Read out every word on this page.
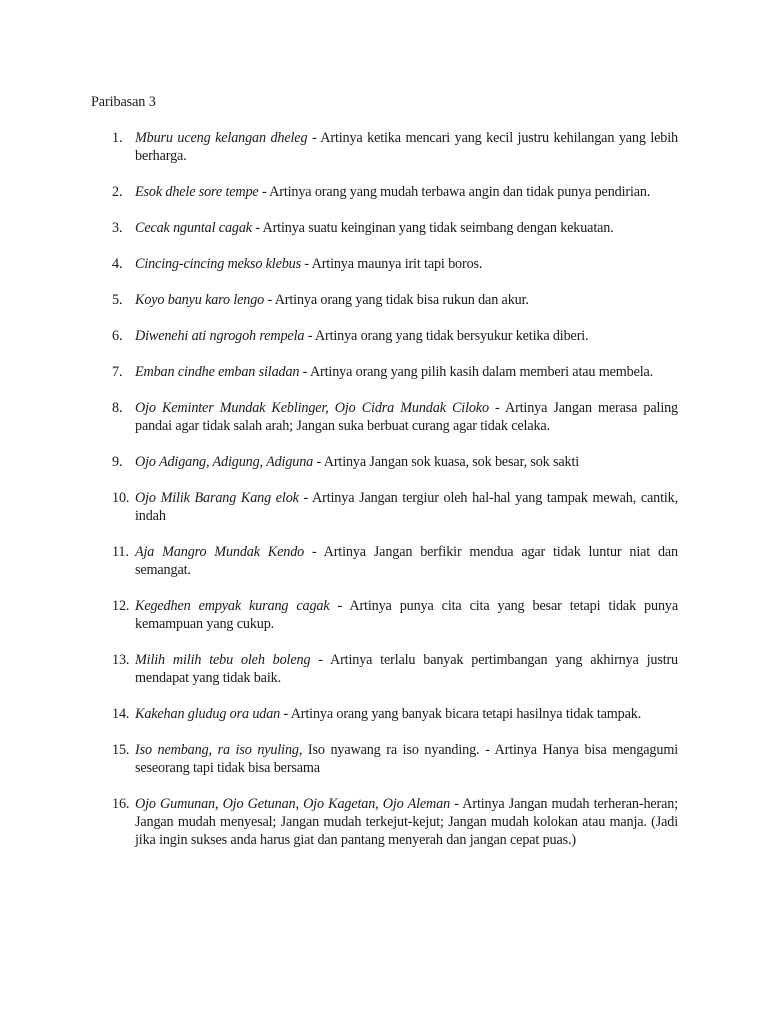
Paribasan 3
1. Mburu uceng kelangan dheleg - Artinya ketika mencari yang kecil justru kehilangan yang lebih berharga.
2. Esok dhele sore tempe - Artinya orang yang mudah terbawa angin dan tidak punya pendirian.
3. Cecak nguntal cagak - Artinya suatu keinginan yang tidak seimbang dengan kekuatan.
4. Cincing-cincing mekso klebus - Artinya maunya irit tapi boros.
5. Koyo banyu karo lengo - Artinya orang yang tidak bisa rukun dan akur.
6. Diwenehi ati ngrogoh rempela - Artinya orang yang tidak bersyukur ketika diberi.
7. Emban cindhe emban siladan - Artinya orang yang pilih kasih dalam memberi atau membela.
8. Ojo Keminter Mundak Keblinger, Ojo Cidra Mundak Ciloko - Artinya Jangan merasa paling pandai agar tidak salah arah; Jangan suka berbuat curang agar tidak celaka.
9. Ojo Adigang, Adigung, Adiguna - Artinya Jangan sok kuasa, sok besar, sok sakti
10. Ojo Milik Barang Kang elok - Artinya Jangan tergiur oleh hal-hal yang tampak mewah, cantik, indah
11. Aja Mangro Mundak Kendo - Artinya Jangan berfikir mendua agar tidak luntur niat dan semangat.
12. Kegedhen empyak kurang cagak - Artinya punya cita cita yang besar tetapi tidak punya kemampuan yang cukup.
13. Milih milih tebu oleh boleng - Artinya terlalu banyak pertimbangan yang akhirnya justru mendapat yang tidak baik.
14. Kakehan gludug ora udan - Artinya orang yang banyak bicara tetapi hasilnya tidak tampak.
15. Iso nembang, ra iso nyuling, Iso nyawang ra iso nyanding. - Artinya Hanya bisa mengagumi seseorang tapi tidak bisa bersama
16. Ojo Gumunan, Ojo Getunan, Ojo Kagetan, Ojo Aleman - Artinya Jangan mudah terheran-heran; Jangan mudah menyesal; Jangan mudah terkejut-kejut; Jangan mudah kolokan atau manja. (Jadi jika ingin sukses anda harus giat dan pantang menyerah dan jangan cepat puas.)
